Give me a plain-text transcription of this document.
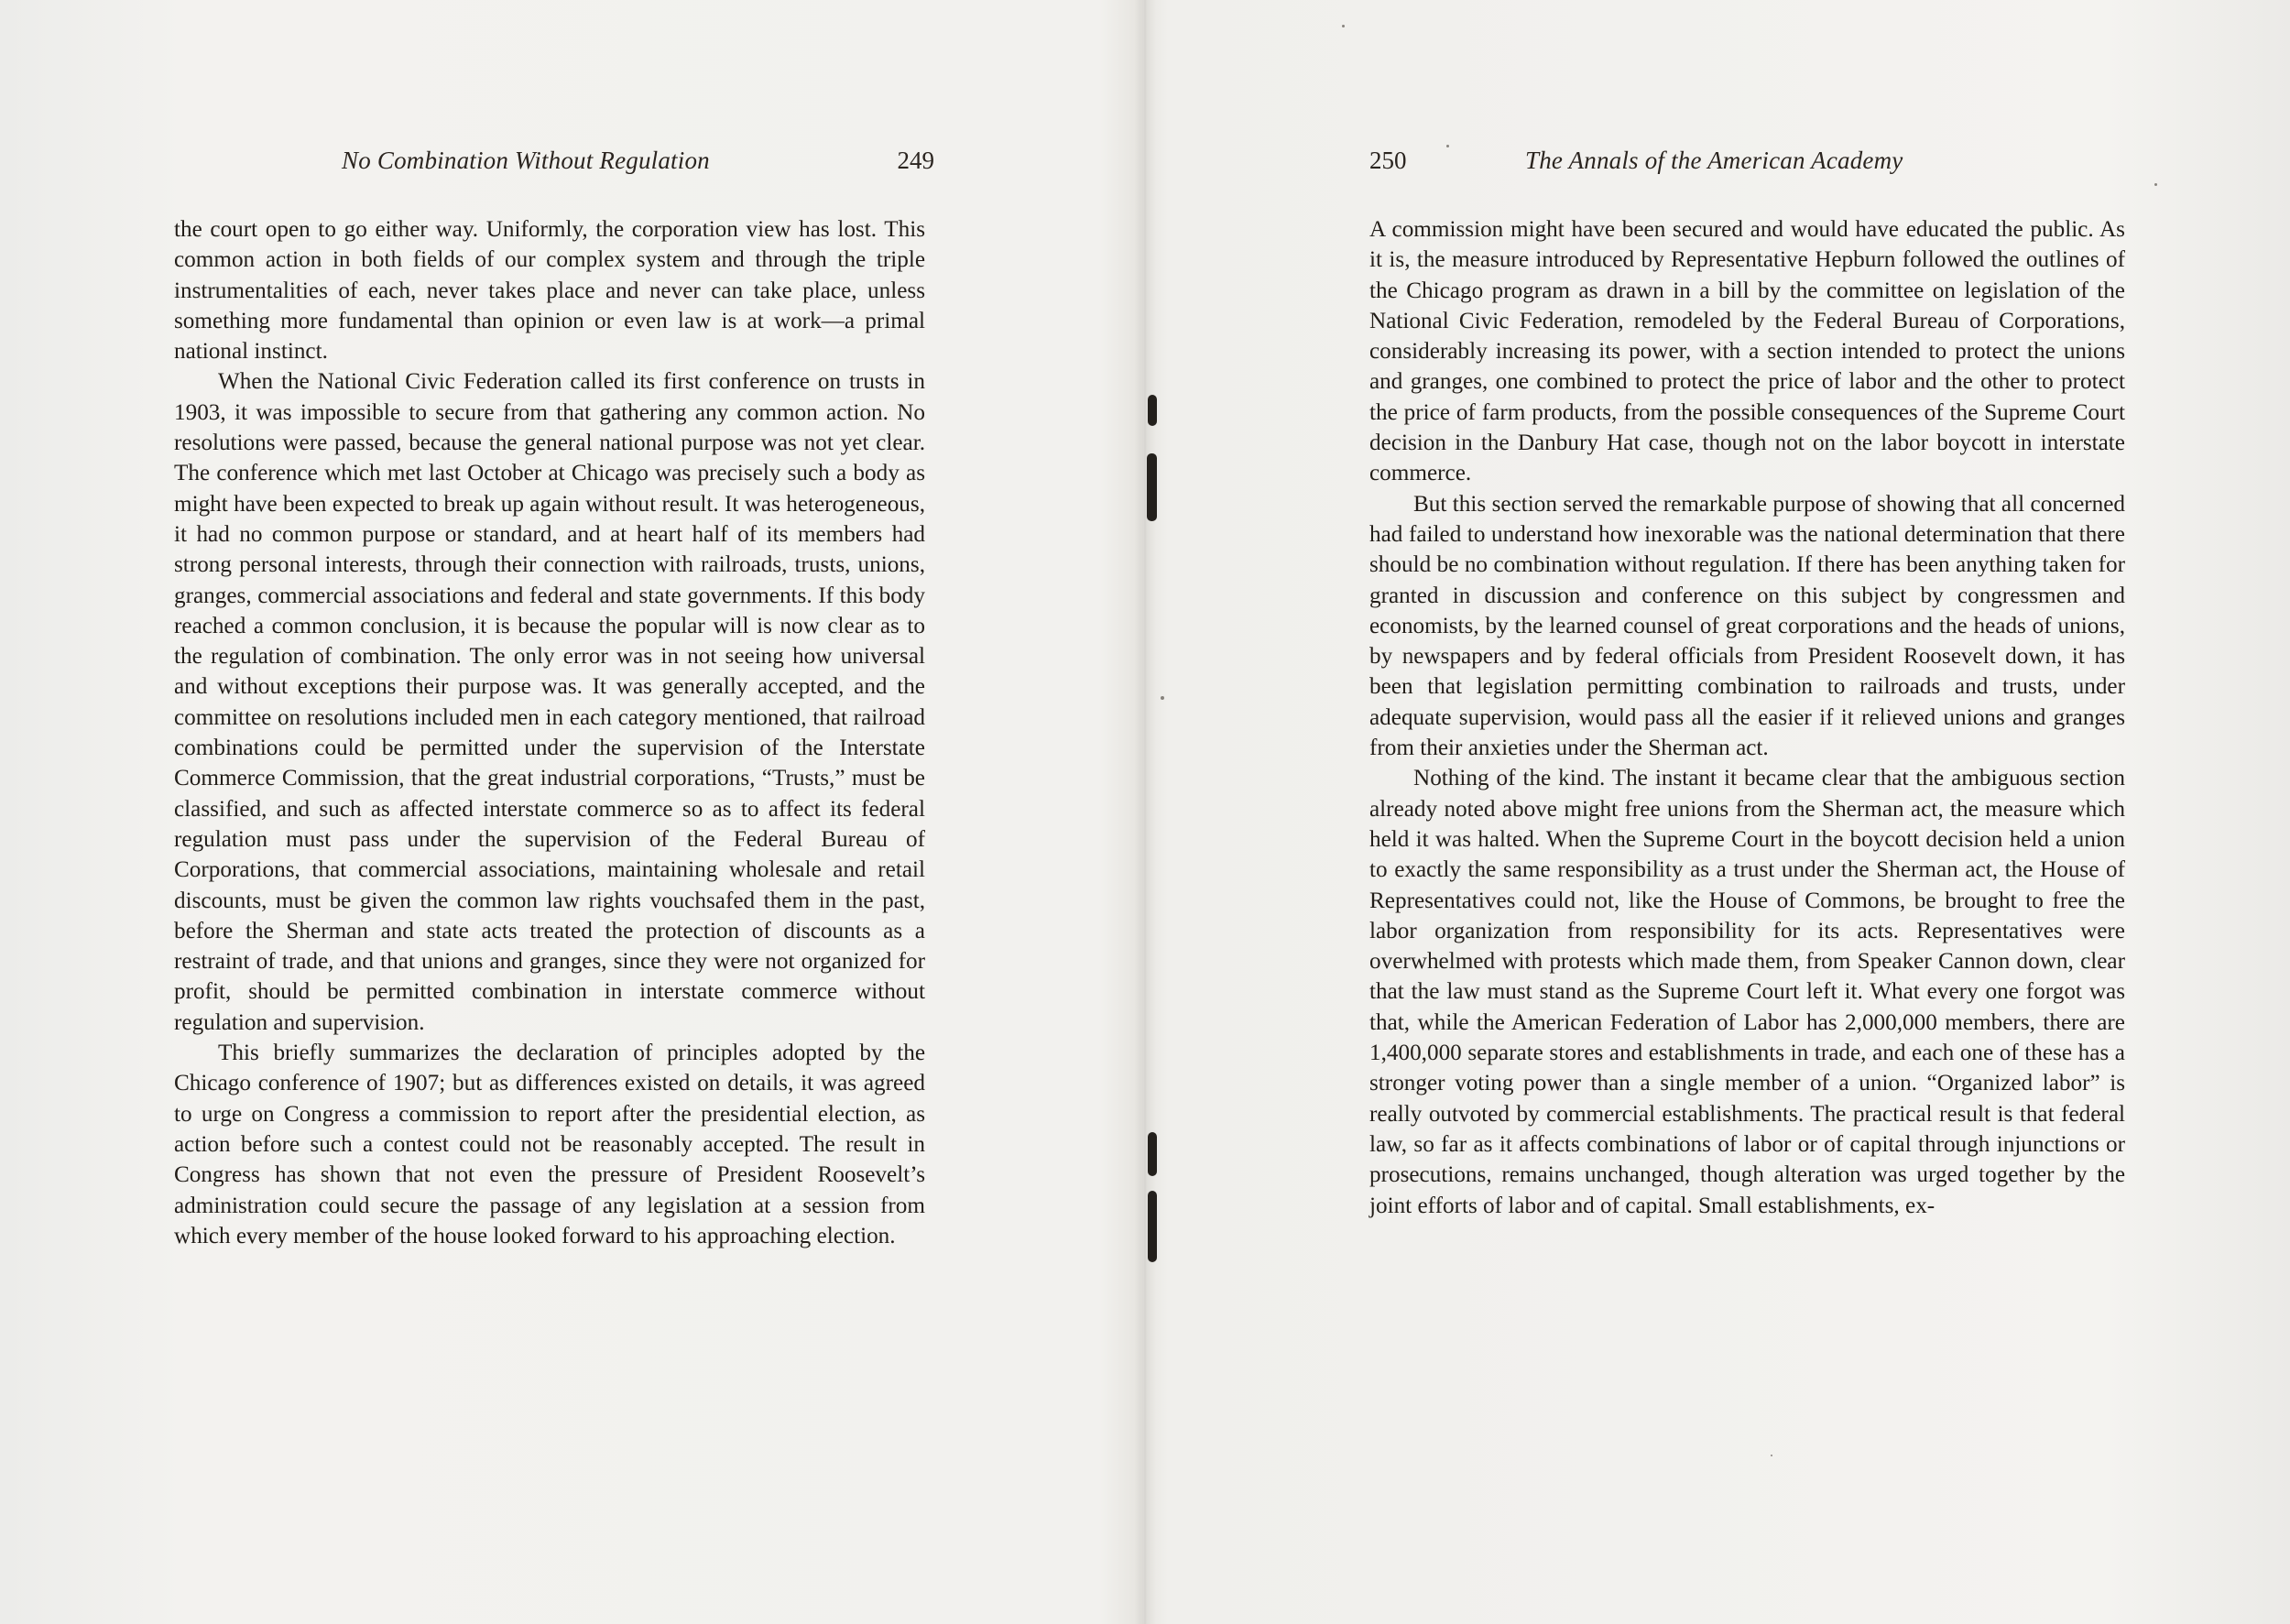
No Combination Without Regulation	249

the court open to go either way. Uniformly, the corporation view has lost. This common action in both fields of our complex system and through the triple instrumentalities of each, never takes place and never can take place, unless something more fundamental than opinion or even law is at work—a primal national instinct.

When the National Civic Federation called its first conference on trusts in 1903, it was impossible to secure from that gathering any common action. No resolutions were passed, because the general national purpose was not yet clear. The conference which met last October at Chicago was precisely such a body as might have been expected to break up again without result. It was heterogeneous, it had no common purpose or standard, and at heart half of its members had strong personal interests, through their connection with railroads, trusts, unions, granges, commercial associations and federal and state governments. If this body reached a common conclusion, it is because the popular will is now clear as to the regulation of combination. The only error was in not seeing how universal and without exceptions their purpose was. It was generally accepted, and the committee on resolutions included men in each category mentioned, that railroad combinations could be permitted under the supervision of the Interstate Commerce Commission, that the great industrial corporations, “Trusts,” must be classified, and such as affected interstate commerce so as to affect its federal regulation must pass under the supervision of the Federal Bureau of Corporations, that commercial associations, maintaining wholesale and retail discounts, must be given the common law rights vouchsafed them in the past, before the Sherman and state acts treated the protection of discounts as a restraint of trade, and that unions and granges, since they were not organized for profit, should be permitted combination in interstate commerce without regulation and supervision.

This briefly summarizes the declaration of principles adopted by the Chicago conference of 1907; but as differences existed on details, it was agreed to urge on Congress a commission to report after the presidential election, as action before such a contest could not be reasonably accepted. The result in Congress has shown that not even the pressure of President Roosevelt’s administration could secure the passage of any legislation at a session from which every member of the house looked forward to his approaching election.

250	The Annals of the American Academy

A commission might have been secured and would have educated the public. As it is, the measure introduced by Representative Hepburn followed the outlines of the Chicago program as drawn in a bill by the committee on legislation of the National Civic Federation, remodeled by the Federal Bureau of Corporations, considerably increasing its power, with a section intended to protect the unions and granges, one combined to protect the price of labor and the other to protect the price of farm products, from the possible consequences of the Supreme Court decision in the Danbury Hat case, though not on the labor boycott in interstate commerce.

But this section served the remarkable purpose of showing that all concerned had failed to understand how inexorable was the national determination that there should be no combination without regulation. If there has been anything taken for granted in discussion and conference on this subject by congressmen and economists, by the learned counsel of great corporations and the heads of unions, by newspapers and by federal officials from President Roosevelt down, it has been that legislation permitting combination to railroads and trusts, under adequate supervision, would pass all the easier if it relieved unions and granges from their anxieties under the Sherman act.

Nothing of the kind. The instant it became clear that the ambiguous section already noted above might free unions from the Sherman act, the measure which held it was halted. When the Supreme Court in the boycott decision held a union to exactly the same responsibility as a trust under the Sherman act, the House of Representatives could not, like the House of Commons, be brought to free the labor organization from responsibility for its acts. Representatives were overwhelmed with protests which made them, from Speaker Cannon down, clear that the law must stand as the Supreme Court left it. What every one forgot was that, while the American Federation of Labor has 2,000,000 members, there are 1,400,000 separate stores and establishments in trade, and each one of these has a stronger voting power than a single member of a union. “Organized labor” is really outvoted by commercial establishments. The practical result is that federal law, so far as it affects combinations of labor or of capital through injunctions or prosecutions, remains unchanged, though alteration was urged together by the joint efforts of labor and of capital. Small establishments, ex-
